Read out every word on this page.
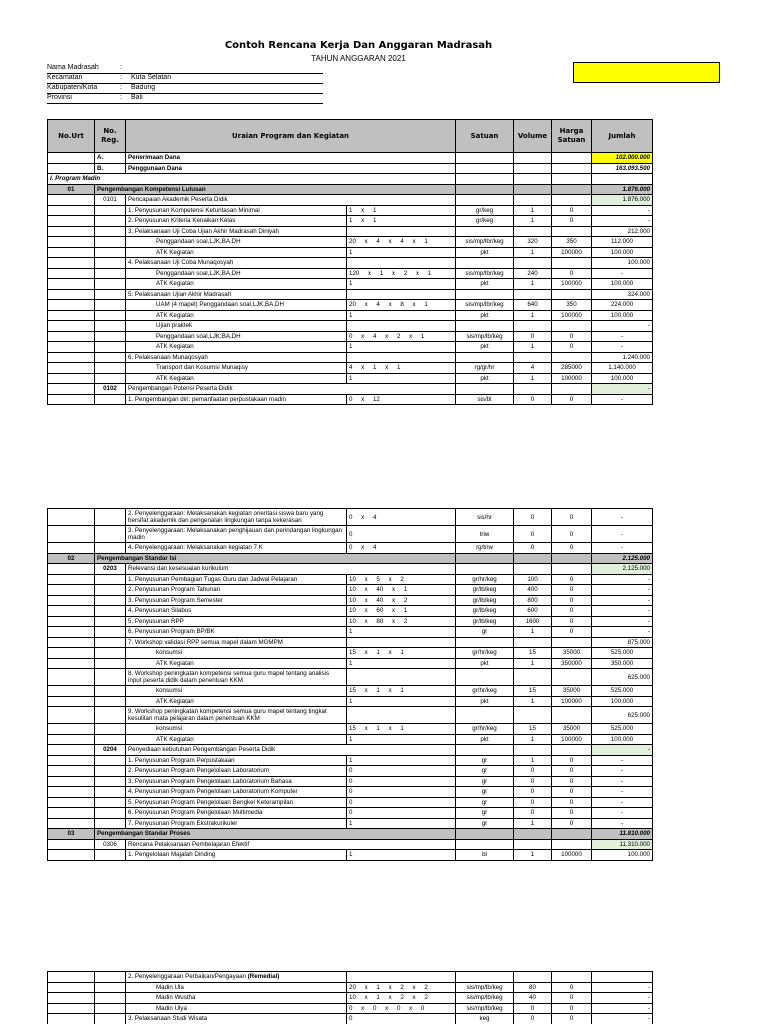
Contoh Rencana Kerja Dan Anggaran Madrasah
TAHUN ANGGARAN 2021
Nama Madrasah	:
Kecamatan	: Kuta Selatan
Kabupaten/Kota	: Badung
Provinsi	: Bali
No.Urt	No. Reg.	Uraian Program dan Kegiatan		Satuan	Volume	Harga Satuan	Jumlah
	A.	Penerimaan Dana					102.000.000
	B.	Penggunaan Dana					163.093.500
I. Program Madin							
01	Pengembangan Kompetensi Lulusan						1.876.000
	0101	Pencapaian Akademik Peserta Didik					1.876.000
		1. Penyusunan Kompetensi Ketuntasan Minimal	1 x 1	gr/keg	1	0	-
		2. Penyusunan Kriteria Kenaikan Kelas	1 x 1	gr/keg	1	0	-
		3. Pelaksanaan Uji Coba Ujian Akhir Madrasah Diniyah					212.000
		Penggandaan soal,LJK,BA,DH	20 x 4 x 4 x 1	sis/mp/lbr/keg	320	350	112.000
		ATK Kegiatan	1	pkt	1	100000	100.000
		4. Pelaksanaan Uji Coba Munaqosyah					100.000
		Penggandaan soal,LJK,BA,DH	120 x 1 x 2 x 1	sis/mp/lbr/keg	240	0	-
		ATK Kegiatan	1	pkt	1	100000	100.000
		5. Pelaksanaan Ujian Akhir Madrasah					324.000
		UAM (4 mapel) Penggandaan soal,LJK,BA,DH	20 x 4 x 8 x 1	sis/mp/lbr/keg	640	350	224.000
		ATK Kegiatan	1	pkt	1	100000	100.000
		Ujian praktek					-
		Penggandaan soal,LJK,BA,DH	0 x 4 x 2 x 1	sis/mp/lb/keg	0	0	-
		ATK Kegiatan	1	pkt	1	0	-
		6. Pelaksanaan Munaqosyah					1.240.000
		Transport dan Kosumsi Munaqisy	4 x 1 x 1	rg/gr/hr	4	285000	1.140.000
		ATK Kegiatan	1	pkt	1	100000	100.000
	0102	Pengembangan Potensi Peserta Didik					-
		1. Pengembangan diri: pemanfaatan perpustakaan madin	0 x 12	sis/bl	0	0	-
		2. Penyelenggaraan: Melaksanakan kegiatan orientasi siswa baru yang bersifat akademik dan pengenalan lingkungan tanpa kekerasan	0 x 4	sis/hr	0	0	-
		3. Penyelenggaraan: Melaksanakan penghijauan dan perindangan lingkungan madin	0	triw	0	0	-
		4. Penyelenggaraan: Melaksanakan kegiatan 7 K	0 x 4	rg/triw	0	0	-
02	Pengembangan Standar Isi						2.125.000
	0203	Relevansi dan kesesuaian kurikulum					2.125.000
		1. Penyusunan Pembagian Tugas Guru dan Jadwal Pelajaran	10 x 5 x 2	gr/hr/keg	100	0	-
		2. Penyusunan Program Tahunan	10 x 40 x 1	gr/lb/keg	400	0	-
		3. Penyusunan Program Semester	10 x 40 x 2	gr/lb/keg	800	0	-
		4. Penyusunan Silabus	10 x 60 x 1	gr/lb/keg	600	0	-
		5. Penyusunan RPP	10 x 80 x 2	gr/lb/keg	1600	0	-
		6. Penyusunan Program BP/BK	1	gr	1	0	-
		7. Workshop validasi RPP semua mapel dalam MGMPM					875.000
		konsumsi	15 x 1 x 1	gr/hr/keg	15	35000	525.000
		ATK Kegiatan	1	pkt	1	350000	350.000
		8. Workshop peningkatan kompetensi semua guru mapel tentang analisis input peserta didik dalam penentuan KKM					625.000
		konsumsi	15 x 1 x 1	gr/hr/keg	15	35000	525.000
		ATK Kegiatan	1	pkt	1	100000	100.000
		9. Workshop peningkatan kompetensi semua guru mapel tentang tingkat kesulitan mata pelajaran dalam penentuan KKM					625.000
		konsumsi	15 x 1 x 1	gr/hr/keg	15	35000	525.000
		ATK Kegiatan	1	pkt	1	100000	100.000
	0204	Penyediaan kebutuhan Pengembangan Peserta Didik					-
		1. Penyusunan Program Perpustakaan	1	gr	1	0	-
		2. Penyusunan Program Pengelolaan Laboratorium	0	gr	0	0	-
		3. Penyusunan Program Pengelolaan Laboratorium Bahasa	0	gr	0	0	-
		4. Penyusunan Program Pengelolaan Laboratorium Komputer	0	gr	0	0	-
		5. Penyusunan Program Pengelolaan Bengkel Keterampilan	0	gr	0	0	-
		6. Penyusunan Program Pengelolaan Multimedia	0	gr	0	0	-
		7. Penyusunan Program Ekstrakurikuler	1	gr	1	0	-
03	Pengembangan Standar Proses						11.810.000
	0306	Rencana Pelaksanaan Pembelajaran Efektif					11.310.000
		1. Pengelolaan Majalah Dinding	1	bl	1	100000	100.000
		2. Penyelenggaraan Perbaikan/Pengayaan (Remedial)					
		Madin Ula	20 x 1 x 2 x 2	sis/mp/lb/keg	80	0	-
		Madin Wustha	10 x 1 x 2 x 2	sis/mp/lb/keg	40	0	-
		Madin Ulya	0 x 0 x 0 x 0	sis/mp/lb/keg	0	0	-
		3. Pelaksanaan Studi Wisata	0	keg	0	0	-
